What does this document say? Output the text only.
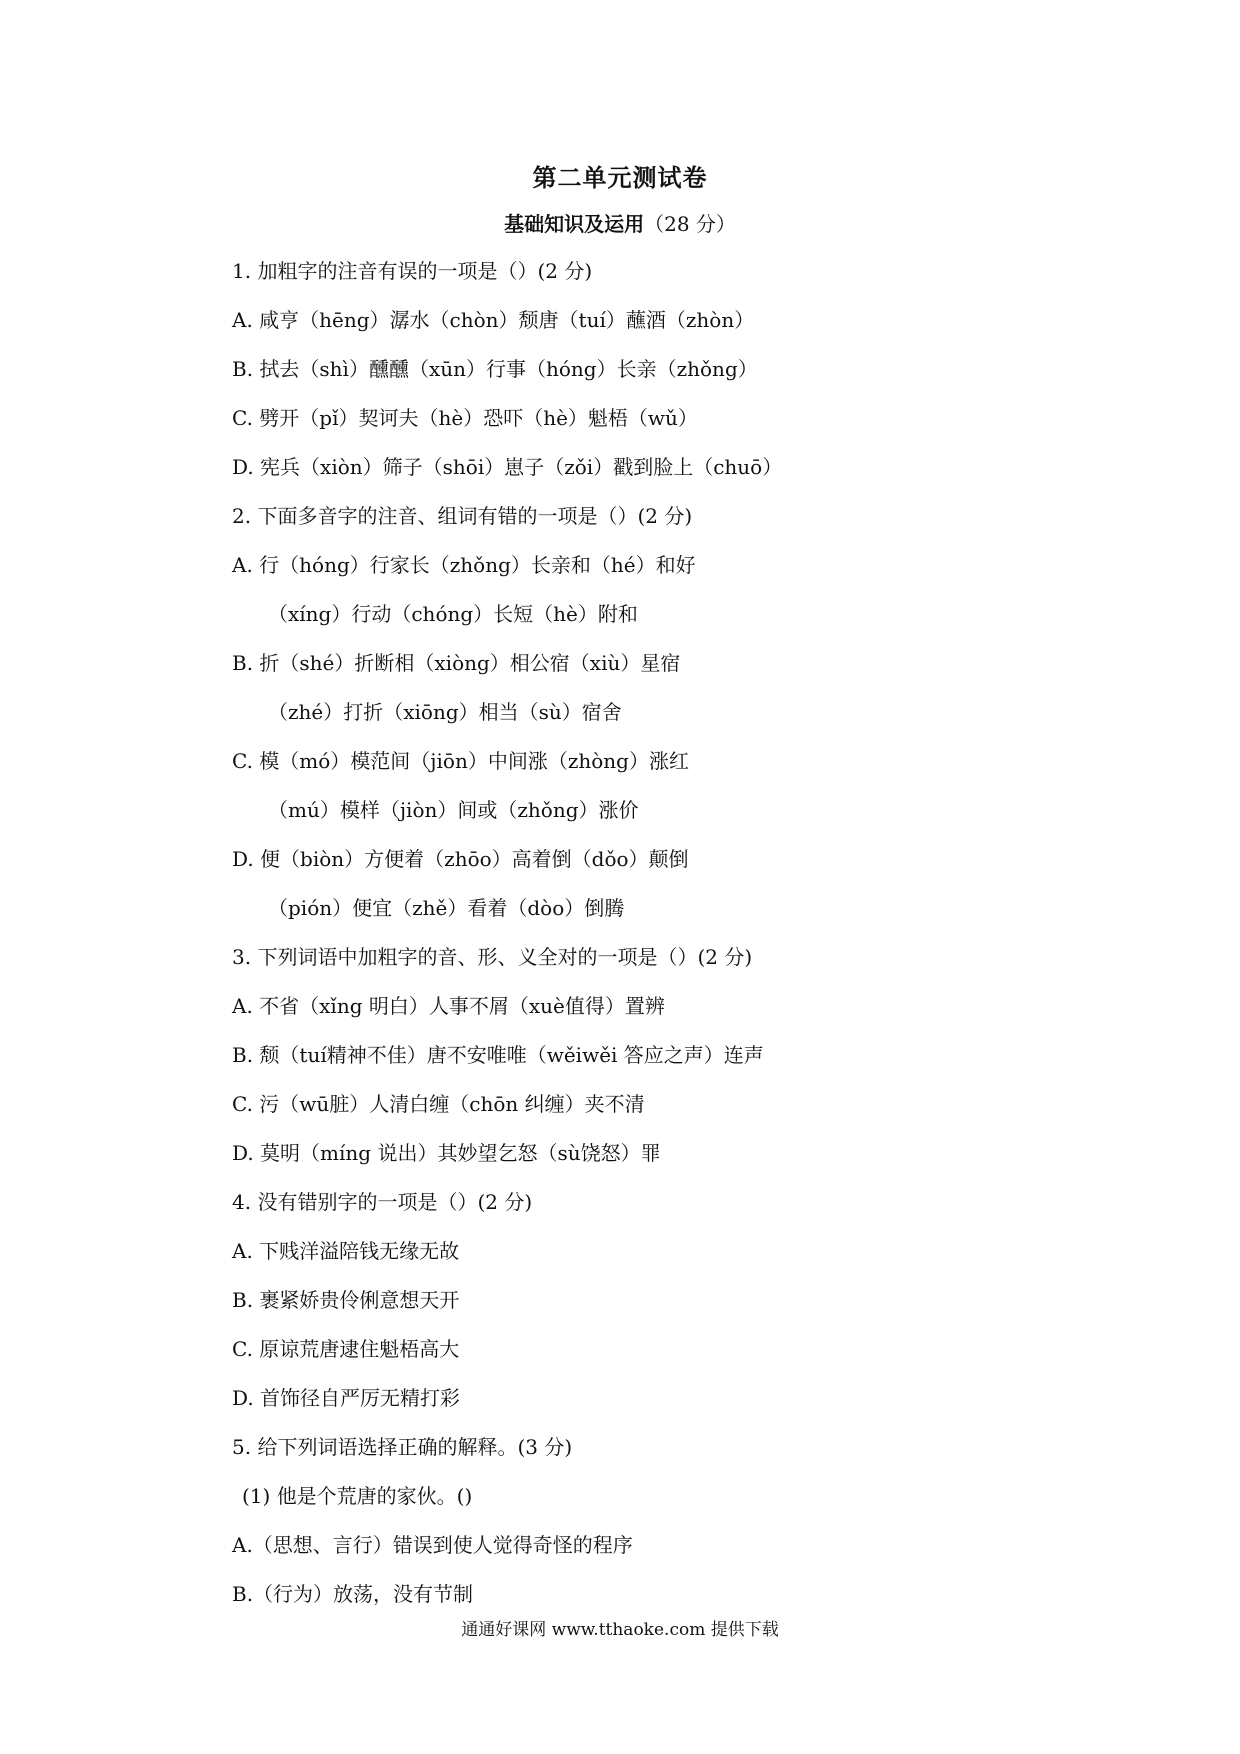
第二单元测试卷
基础知识及运用（28 分）
1. 加粗字的注音有误的一项是（）(2 分)
A. 咸亨（hēng）潺水（chòn）颓唐（tuí）蘸酒（zhòn）
B. 拭去（shì）醺醺（xūn）行事（hóng）长亲（zhǒng）
C. 劈开（pǐ）契诃夫（hè）恐吓（hè）魁梧（wǔ）
D. 宪兵（xiòn）筛子（shōi）崽子（zǒi）戳到脸上（chuō）
2. 下面多音字的注音、组词有错的一项是（）(2 分)
A. 行（hóng）行家长（zhǒng）长亲和（hé）和好
（xíng）行动（chóng）长短（hè）附和
B. 折（shé）折断相（xiòng）相公宿（xiù）星宿
（zhé）打折（xiōng）相当（sù）宿舍
C. 模（mó）模范间（jiōn）中间涨（zhòng）涨红
（mú）模样（jiòn）间或（zhǒng）涨价
D. 便（biòn）方便着（zhōo）高着倒（dǒo）颠倒
（pión）便宜（zhě）看着（dòo）倒腾
3. 下列词语中加粗字的音、形、义全对的一项是（）(2 分)
A. 不省（xǐng 明白）人事不屑（xuè值得）置辨
B. 颓（tuí精神不佳）唐不安唯唯（wěiwěi 答应之声）连声
C. 污（wū脏）人清白缠（chōn 纠缠）夹不清
D. 莫明（míng 说出）其妙望乞怒（sù饶怒）罪
4. 没有错别字的一项是（）(2 分)
A. 下贱洋溢陪钱无缘无故
B. 裹紧娇贵伶俐意想天开
C. 原谅荒唐逮住魁梧高大
D. 首饰径自严厉无精打彩
5. 给下列词语选择正确的解释。(3 分)
(1) 他是个荒唐的家伙。()
A.（思想、言行）错误到使人觉得奇怪的程序
B.（行为）放荡，没有节制
通通好课网 www.tthaoke.com 提供下载
